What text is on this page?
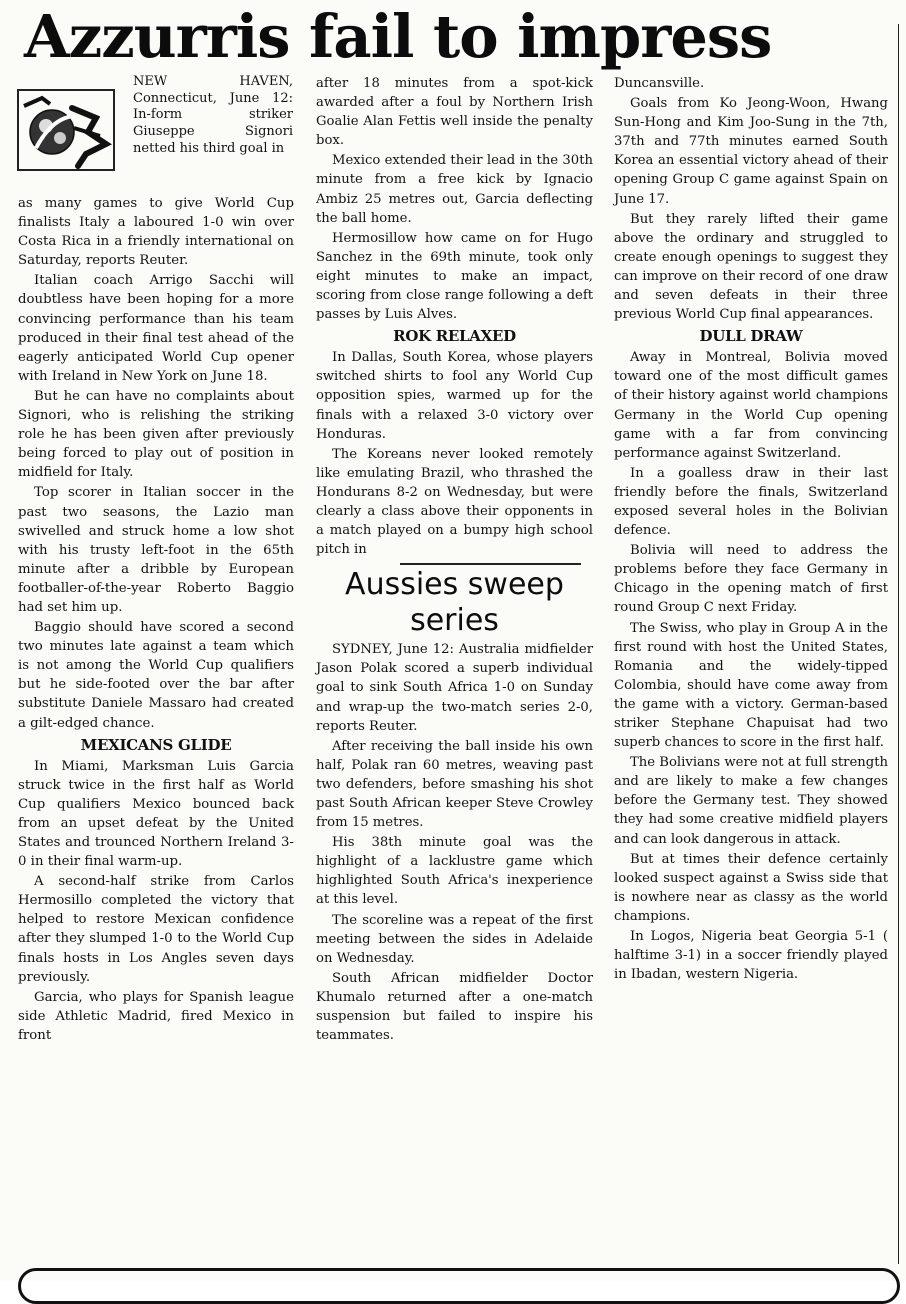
Azzurris fail to impress

NEW HAVEN, Connecticut, June 12: In-form striker Giuseppe Signori netted his third goal in

as many games to give World Cup finalists Italy a laboured 1-0 win over Costa Rica in a friendly international on Saturday, reports Reuter.

Italian coach Arrigo Sacchi will doubtless have been hoping for a more convincing performance than his team produced in their final test ahead of the eagerly anticipated World Cup opener with Ireland in New York on June 18.

But he can have no complaints about Signori, who is relishing the striking role he has been given after previously being forced to play out of position in midfield for Italy.

Top scorer in Italian soccer in the past two seasons, the Lazio man swivelled and struck home a low shot with his trusty left-foot in the 65th minute after a dribble by European footballer-of-the-year Roberto Baggio had set him up.

Baggio should have scored a second two minutes late against a team which is not among the World Cup qualifiers but he side-footed over the bar after substitute Daniele Massaro had created a gilt-edged chance.

MEXICANS GLIDE

In Miami, Marksman Luis Garcia struck twice in the first half as World Cup qualifiers Mexico bounced back from an upset defeat by the United States and trounced Northern Ireland 3-0 in their final warm-up.

A second-half strike from Carlos Hermosillo completed the victory that helped to restore Mexican confidence after they slumped 1-0 to the World Cup finals hosts in Los Angles seven days previously.

Garcia, who plays for Spanish league side Athletic Madrid, fired Mexico in front

after 18 minutes from a spot-kick awarded after a foul by Northern Irish Goalie Alan Fettis well inside the penalty box.

Mexico extended their lead in the 30th minute from a free kick by Ignacio Ambiz 25 metres out, Garcia deflecting the ball home.

Hermosillow how came on for Hugo Sanchez in the 69th minute, took only eight minutes to make an impact, scoring from close range following a deft passes by Luis Alves.

ROK RELAXED

In Dallas, South Korea, whose players switched shirts to fool any World Cup opposition spies, warmed up for the finals with a relaxed 3-0 victory over Honduras.

The Koreans never looked remotely like emulating Brazil, who thrashed the Hondurans 8-2 on Wednesday, but were clearly a class above their opponents in a match played on a bumpy high school pitch in

Aussies sweep series

SYDNEY, June 12: Australia midfielder Jason Polak scored a superb individual goal to sink South Africa 1-0 on Sunday and wrap-up the two-match series 2-0, reports Reuter.

After receiving the ball inside his own half, Polak ran 60 metres, weaving past two defenders, before smashing his shot past South African keeper Steve Crowley from 15 metres.

His 38th minute goal was the highlight of a lacklustre game which highlighted South Africa's inexperience at this level.

The scoreline was a repeat of the first meeting between the sides in Adelaide on Wednesday.

South African midfielder Doctor Khumalo returned after a one-match suspension but failed to inspire his teammates.

Duncansville.

Goals from Ko Jeong-Woon, Hwang Sun-Hong and Kim Joo-Sung in the 7th, 37th and 77th minutes earned South Korea an essential victory ahead of their opening Group C game against Spain on June 17.

But they rarely lifted their game above the ordinary and struggled to create enough openings to suggest they can improve on their record of one draw and seven defeats in their three previous World Cup final appearances.

DULL DRAW

Away in Montreal, Bolivia moved toward one of the most difficult games of their history against world champions Germany in the World Cup opening game with a far from convincing performance against Switzerland.

In a goalless draw in their last friendly before the finals, Switzerland exposed several holes in the Bolivian defence.

Bolivia will need to address the problems before they face Germany in Chicago in the opening match of first round Group C next Friday.

The Swiss, who play in Group A in the first round with host the United States, Romania and the widely-tipped Colombia, should have come away from the game with a victory. German-based striker Stephane Chapuisat had two superb chances to score in the first half.

The Bolivians were not at full strength and are likely to make a few changes before the Germany test. They showed they had some creative midfield players and can look dangerous in attack.

But at times their defence certainly looked suspect against a Swiss side that is nowhere near as classy as the world champions.

In Logos, Nigeria beat Georgia 5-1 ( halftime 3-1) in a soccer friendly played in Ibadan, western Nigeria.
